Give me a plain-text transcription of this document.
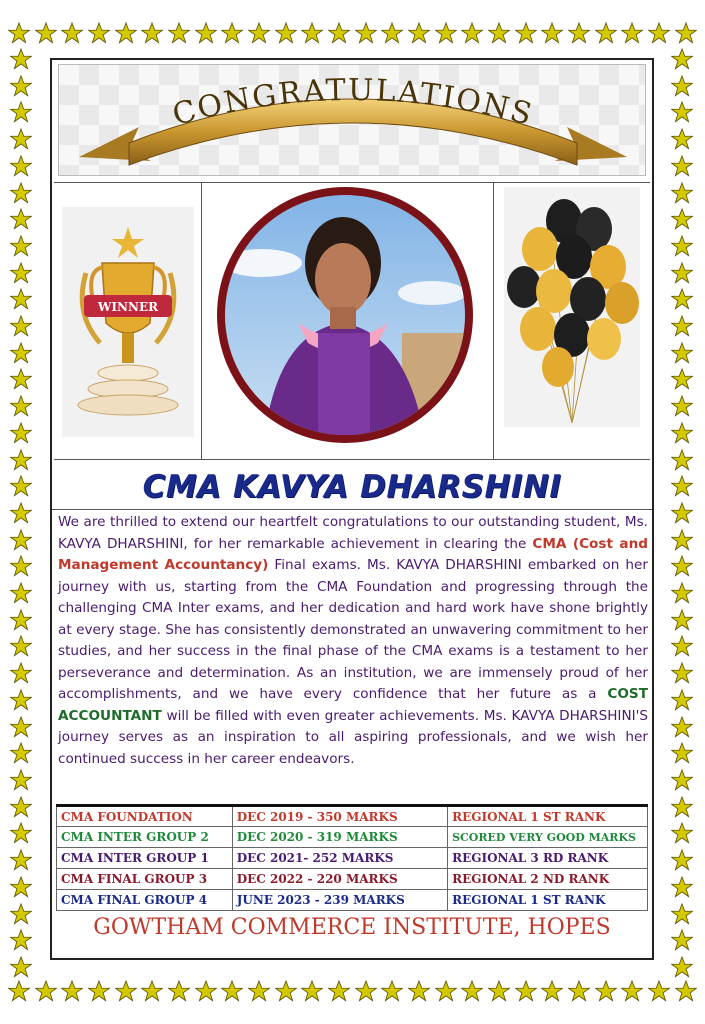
CONGRATULATIONS
WINNER
CMA KAVYA DHARSHINI
We are thrilled to extend our heartfelt congratulations to our outstanding student, Ms. KAVYA DHARSHINI, for her remarkable achievement in clearing the CMA (Cost and Management Accountancy) Final exams. Ms. KAVYA DHARSHINI embarked on her journey with us, starting from the CMA Foundation and progressing through the challenging CMA Inter exams, and her dedication and hard work have shone brightly at every stage. She has consistently demonstrated an unwavering commitment to her studies, and her success in the final phase of the CMA exams is a testament to her perseverance and determination. As an institution, we are immensely proud of her accomplishments, and we have every confidence that her future as a COST ACCOUNTANT will be filled with even greater achievements. Ms. KAVYA DHARSHINI'S journey serves as an inspiration to all aspiring professionals, and we wish her continued success in her career endeavors.
CMA FOUNDATION	DEC 2019 - 350 MARKS	REGIONAL 1 ST RANK
CMA INTER GROUP 2	DEC 2020 - 319 MARKS	SCORED VERY GOOD MARKS
CMA INTER GROUP 1	DEC 2021- 252 MARKS	REGIONAL 3 RD RANK
CMA FINAL GROUP 3	DEC 2022 - 220 MARKS	REGIONAL 2 ND RANK
CMA FINAL GROUP 4	JUNE 2023 - 239 MARKS	REGIONAL 1 ST RANK
GOWTHAM COMMERCE INSTITUTE, HOPES
